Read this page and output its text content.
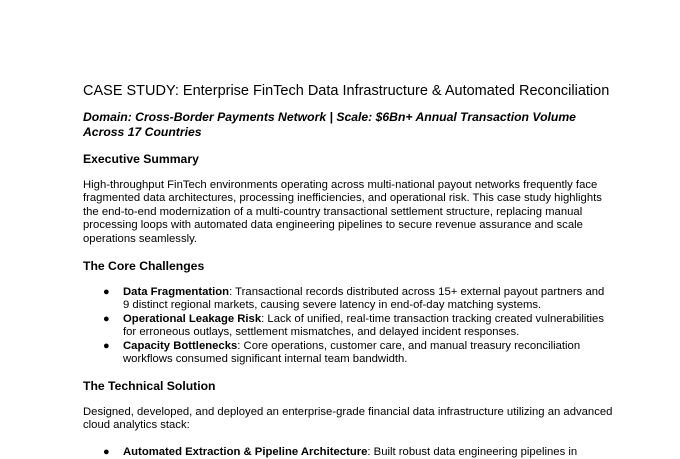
CASE STUDY: Enterprise FinTech Data Infrastructure & Automated Reconciliation

Domain: Cross-Border Payments Network | Scale: $6Bn+ Annual Transaction Volume Across 17 Countries

Executive Summary

High-throughput FinTech environments operating across multi-national payout networks frequently face fragmented data architectures, processing inefficiencies, and operational risk. This case study highlights the end-to-end modernization of a multi-country transactional settlement structure, replacing manual processing loops with automated data engineering pipelines to secure revenue assurance and scale operations seamlessly.

The Core Challenges
● Data Fragmentation: Transactional records distributed across 15+ external payout partners and 9 distinct regional markets, causing severe latency in end-of-day matching systems.
● Operational Leakage Risk: Lack of unified, real-time transaction tracking created vulnerabilities for erroneous outlays, settlement mismatches, and delayed incident responses.
● Capacity Bottlenecks: Core operations, customer care, and manual treasury reconciliation workflows consumed significant internal team bandwidth.
The Technical Solution

Designed, developed, and deployed an enterprise-grade financial data infrastructure utilizing an advanced cloud analytics stack:

● Automated Extraction & Pipeline Architecture: Built robust data engineering pipelines in
